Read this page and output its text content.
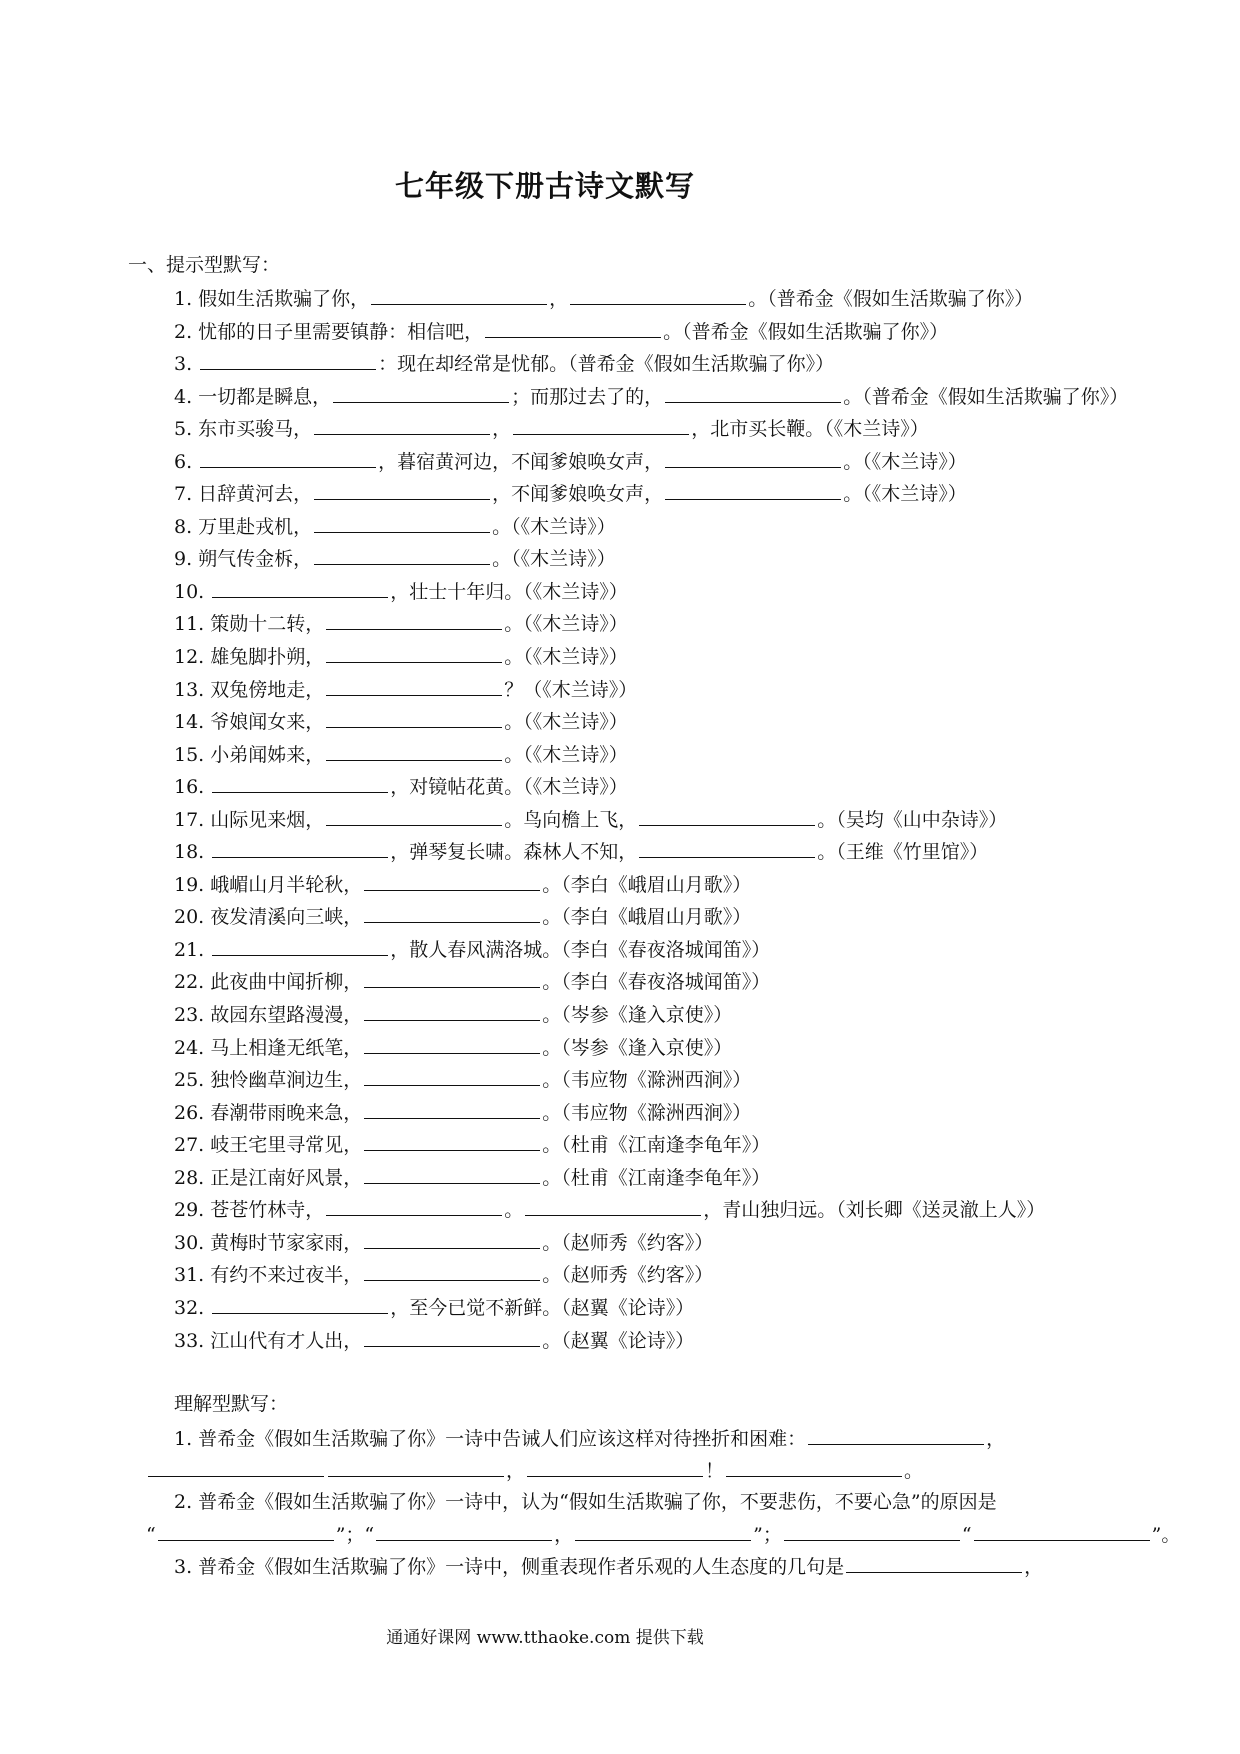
七年级下册古诗文默写
一、提示型默写：
1. 假如生活欺骗了你，	，	。（普希金《假如生活欺骗了你》）
2. 忧郁的日子里需要镇静：相信吧，	。（普希金《假如生活欺骗了你》）
3.	：现在却经常是忧郁。（普希金《假如生活欺骗了你》）
4. 一切都是瞬息，	；而那过去了的，	。（普希金《假如生活欺骗了你》）
5. 东市买骏马，	，	，北市买长鞭。（《木兰诗》）
6.	，暮宿黄河边，不闻爹娘唤女声，	。（《木兰诗》）
7. 日辞黄河去，	，不闻爹娘唤女声，	。（《木兰诗》）
8. 万里赴戎机，	。（《木兰诗》）
9. 朔气传金柝，	。（《木兰诗》）
10.	，壮士十年归。（《木兰诗》）
11. 策勋十二转，	。（《木兰诗》）
12. 雄兔脚扑朔，	。（《木兰诗》）
13. 双兔傍地走，	？（《木兰诗》）
14. 爷娘闻女来，	。（《木兰诗》）
15. 小弟闻姊来，	。（《木兰诗》）
16.	，对镜帖花黄。（《木兰诗》）
17. 山际见来烟，	。鸟向檐上飞，	。（吴均《山中杂诗》）
18.	，弹琴复长啸。森林人不知，	。（王维《竹里馆》）
19. 峨嵋山月半轮秋，	。（李白《峨眉山月歌》）
20. 夜发清溪向三峡，	。（李白《峨眉山月歌》）
21.	，散人春风满洛城。（李白《春夜洛城闻笛》）
22. 此夜曲中闻折柳，	。（李白《春夜洛城闻笛》）
23. 故园东望路漫漫，	。（岑参《逢入京使》）
24. 马上相逢无纸笔，	。（岑参《逢入京使》）
25. 独怜幽草涧边生，	。（韦应物《滁洲西涧》）
26. 春潮带雨晚来急，	。（韦应物《滁洲西涧》）
27. 岐王宅里寻常见，	。（杜甫《江南逢李龟年》）
28. 正是江南好风景，	。（杜甫《江南逢李龟年》）
29. 苍苍竹林寺，	。	，青山独归远。（刘长卿《送灵澈上人》）
30. 黄梅时节家家雨，	。（赵师秀《约客》）
31. 有约不来过夜半，	。（赵师秀《约客》）
32.	，至今已觉不新鲜。（赵翼《论诗》）
33. 江山代有才人出，	。（赵翼《论诗》）
理解型默写：
1. 普希金《假如生活欺骗了你》一诗中告诫人们应该这样对待挫折和困难：	，
，	！	。
2. 普希金《假如生活欺骗了你》一诗中，认为“假如生活欺骗了你，不要悲伤，不要心急”的原因是
“	”；“	，	”；	“	”。
3. 普希金《假如生活欺骗了你》一诗中，侧重表现作者乐观的人生态度的几句是	，
通通好课网 www.tthaoke.com 提供下载
